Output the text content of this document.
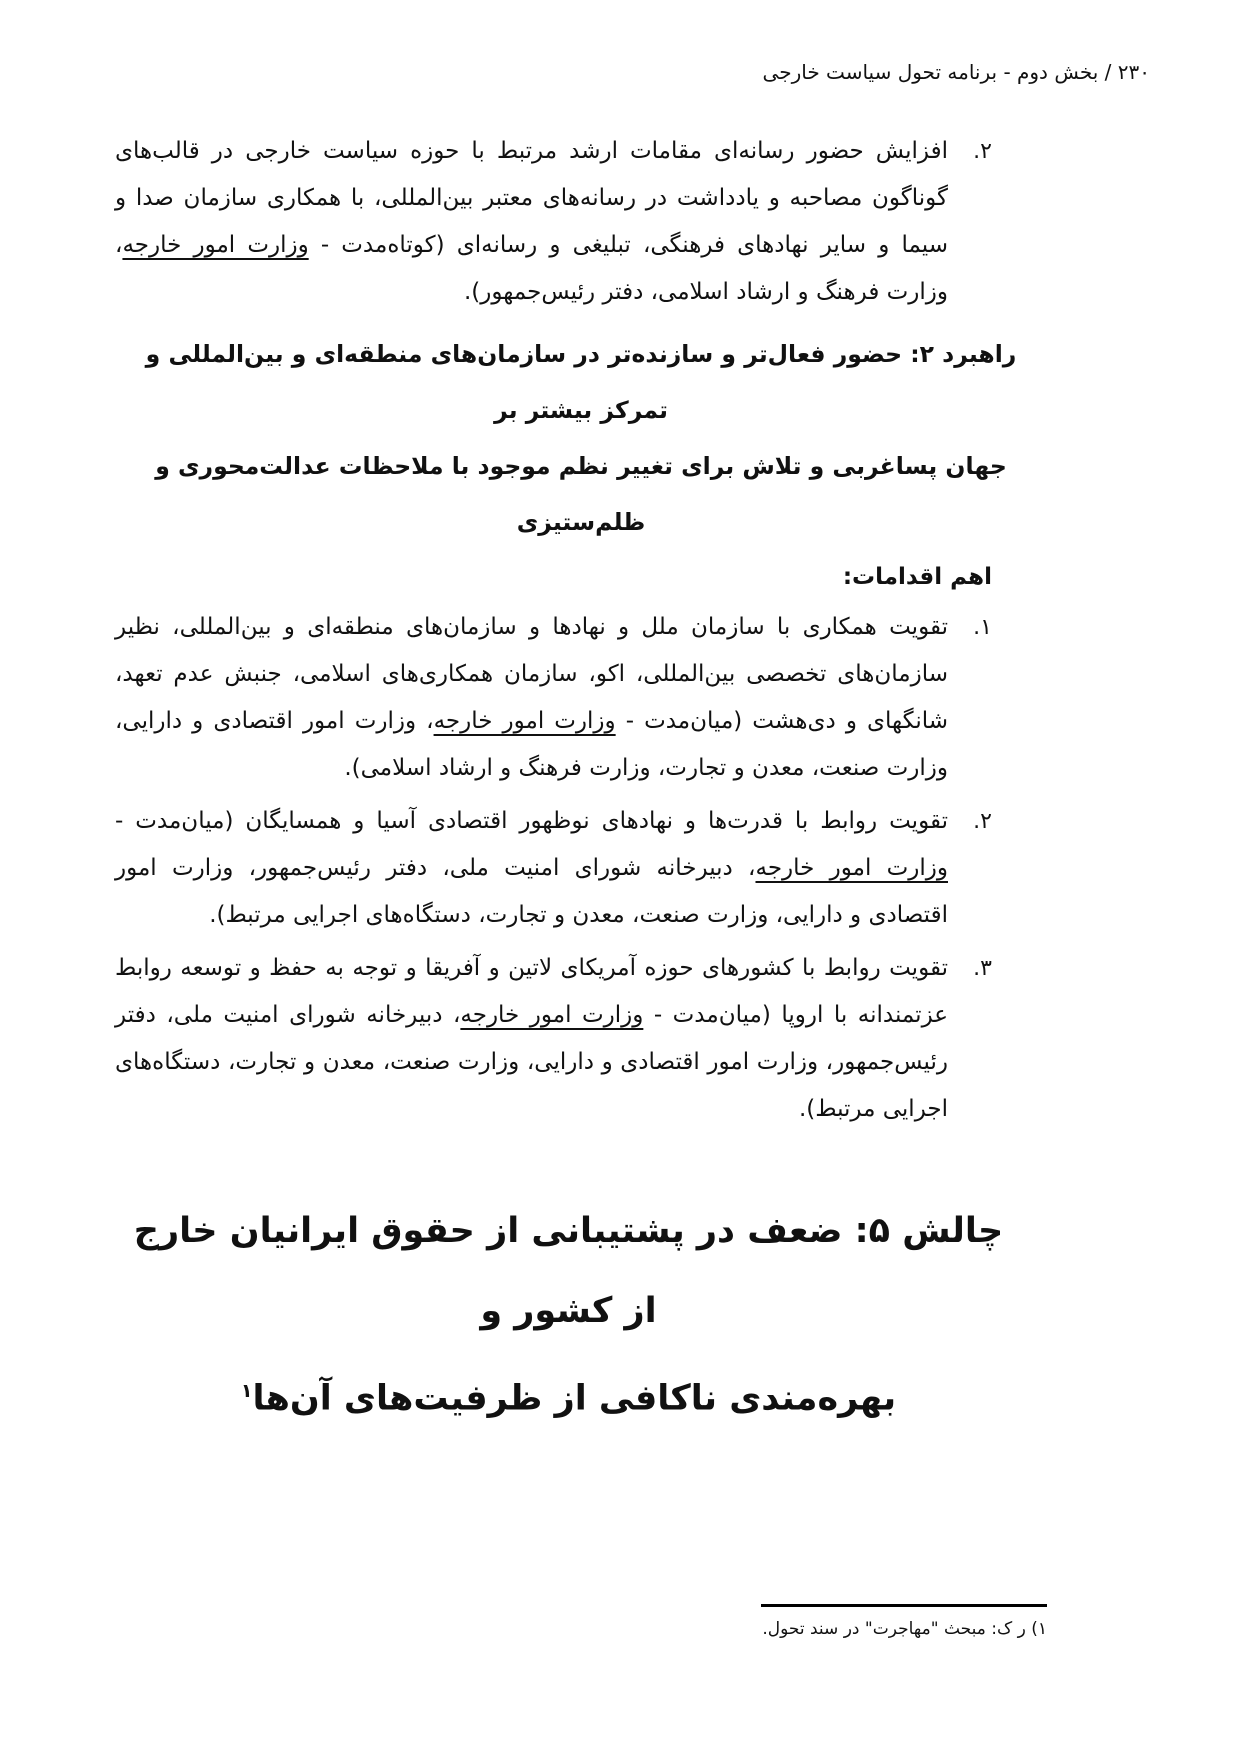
۲۳۰ / بخش دوم - برنامه تحول سیاست خارجی
۲.
افزایش حضور رسانه‌ای مقامات ارشد مرتبط با حوزه سیاست خارجی در قالب‌های گوناگون مصاحبه و یادداشت در رسانه‌های معتبر بین‌المللی، با همکاری سازمان صدا و سیما و سایر نهادهای فرهنگی، تبلیغی و رسانه‌ای (کوتاه‌مدت - وزارت امور خارجه، وزارت فرهنگ و ارشاد اسلامی، دفتر رئیس‌جمهور).
راهبرد ۲: حضور فعال‌تر و سازنده‌تر در سازمان‌های منطقه‌ای و بین‌المللی و تمرکز بیشتر بر
جهان پساغربی و تلاش برای تغییر نظم موجود با ملاحظات عدالت‌محوری و
ظلم‌ستیزی
اهم اقدامات:
۱.
تقویت همکاری با سازمان ملل و نهادها و سازمان‌های منطقه‌ای و بین‌المللی، نظیر سازمان‌های تخصصی بین‌المللی، اکو، سازمان همکاری‌های اسلامی، جنبش عدم تعهد، شانگهای و دی‌هشت (میان‌مدت - وزارت امور خارجه، وزارت امور اقتصادی و دارایی، وزارت صنعت، معدن و تجارت، وزارت فرهنگ و ارشاد اسلامی).
۲.
تقویت روابط با قدرت‌ها و نهادهای نوظهور اقتصادی آسیا و همسایگان (میان‌مدت - وزارت امور خارجه، دبیرخانه شورای امنیت ملی، دفتر رئیس‌جمهور، وزارت امور اقتصادی و دارایی، وزارت صنعت، معدن و تجارت، دستگاه‌های اجرایی مرتبط).
۳.
تقویت روابط با کشورهای حوزه آمریکای لاتین و آفریقا و توجه به حفظ و توسعه روابط عزتمندانه با اروپا (میان‌مدت - وزارت امور خارجه، دبیرخانه شورای امنیت ملی، دفتر رئیس‌جمهور، وزارت امور اقتصادی و دارایی، وزارت صنعت، معدن و تجارت، دستگاه‌های اجرایی مرتبط).
چالش ۵: ضعف در پشتیبانی از حقوق ایرانیان خارج از کشور و
بهره‌مندی ناکافی از ظرفیت‌های آن‌ها$^۱$
۱) ر ک: مبحث "مهاجرت" در سند تحول.
